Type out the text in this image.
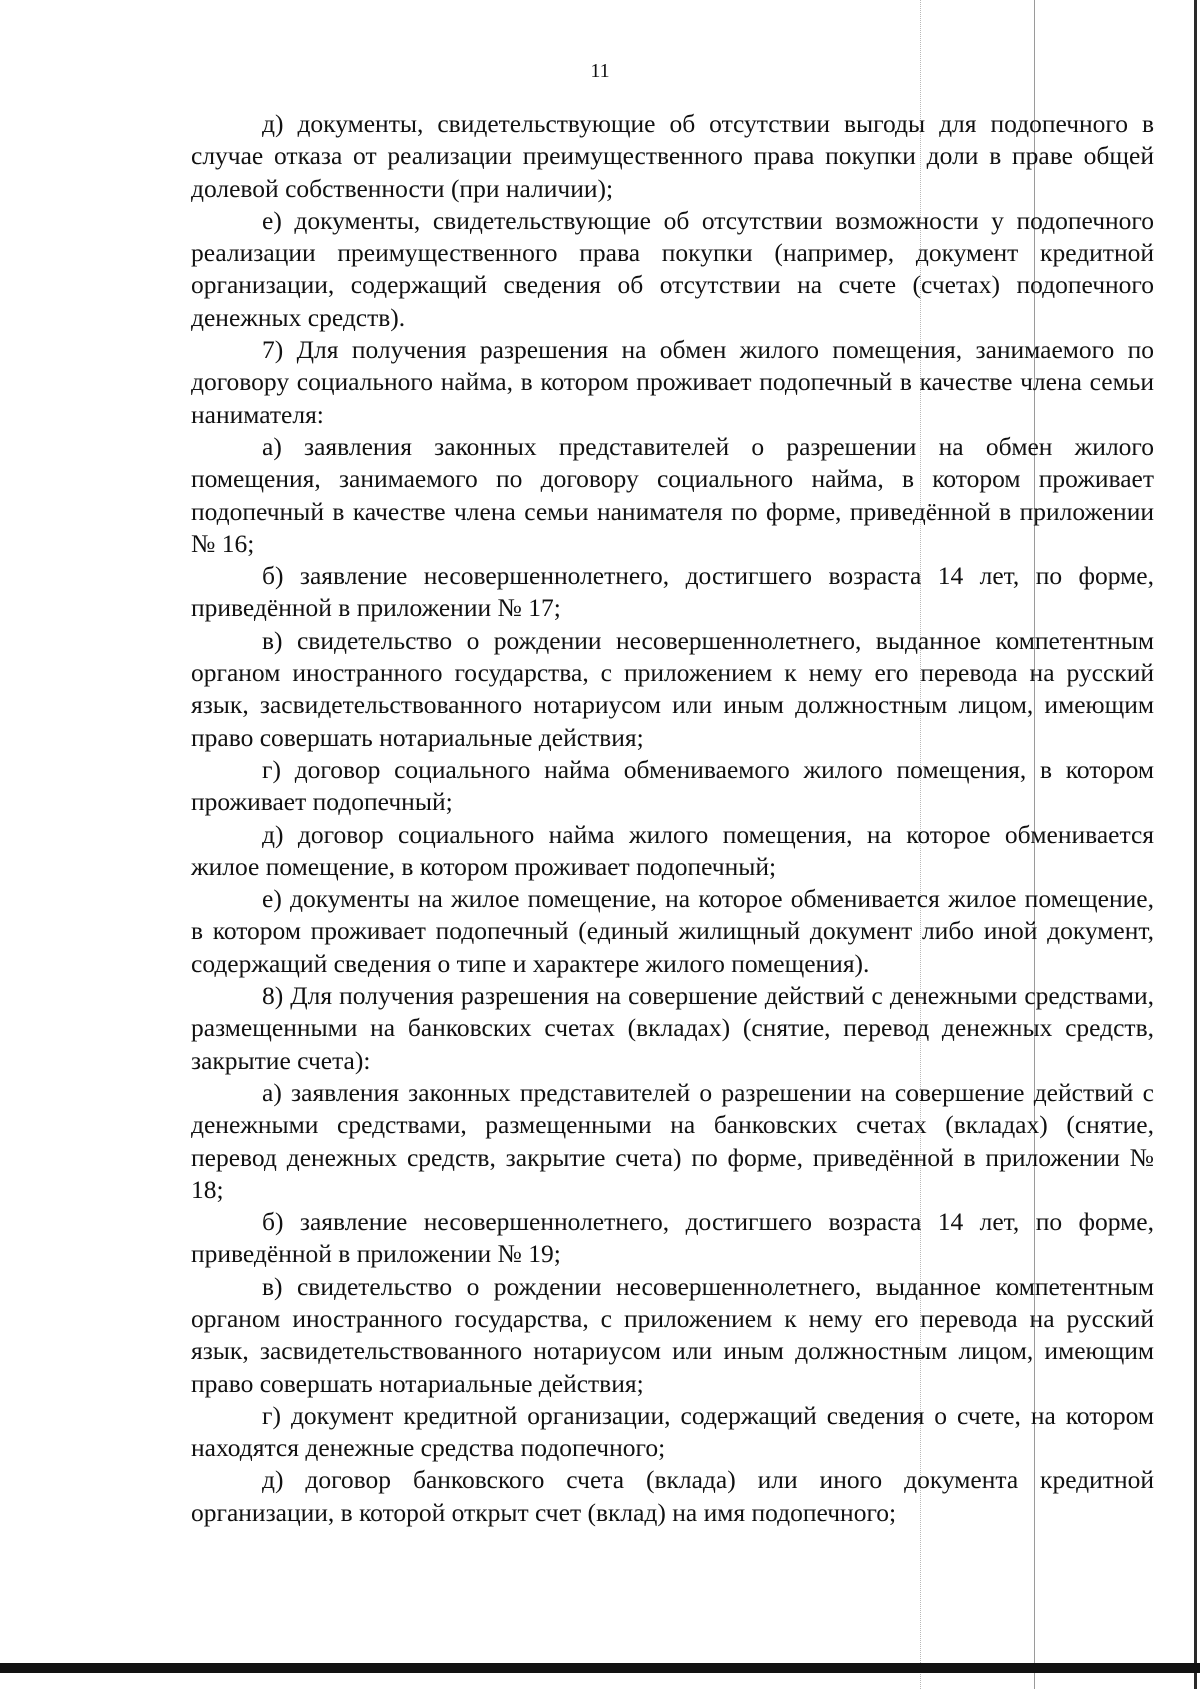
11

д) документы, свидетельствующие об отсутствии выгоды для подопечного в случае отказа от реализации преимущественного права покупки доли в праве общей долевой собственности (при наличии);

е) документы, свидетельствующие об отсутствии возможности у подопечного реализации преимущественного права покупки (например, документ кредитной организации, содержащий сведения об отсутствии на счете (счетах) подопечного денежных средств).

7) Для получения разрешения на обмен жилого помещения, занимаемого по договору социального найма, в котором проживает подопечный в качестве члена семьи нанимателя:

а) заявления законных представителей о разрешении на обмен жилого помещения, занимаемого по договору социального найма, в котором проживает подопечный в качестве члена семьи нанимателя по форме, приведённой в приложении № 16;

б) заявление несовершеннолетнего, достигшего возраста 14 лет, по форме, приведённой в приложении № 17;

в) свидетельство о рождении несовершеннолетнего, выданное компетентным органом иностранного государства, с приложением к нему его перевода на русский язык, засвидетельствованного нотариусом или иным должностным лицом, имеющим право совершать нотариальные действия;

г) договор социального найма обмениваемого жилого помещения, в котором проживает подопечный;

д) договор социального найма жилого помещения, на которое обменивается жилое помещение, в котором проживает подопечный;

е) документы на жилое помещение, на которое обменивается жилое помещение, в котором проживает подопечный (единый жилищный документ либо иной документ, содержащий сведения о типе и характере жилого помещения).

8) Для получения разрешения на совершение действий с денежными средствами, размещенными на банковских счетах (вкладах) (снятие, перевод денежных средств, закрытие счета):

а) заявления законных представителей о разрешении на совершение действий с денежными средствами, размещенными на банковских счетах (вкладах) (снятие, перевод денежных средств, закрытие счета) по форме, приведённой в приложении № 18;

б) заявление несовершеннолетнего, достигшего возраста 14 лет, по форме, приведённой в приложении № 19;

в) свидетельство о рождении несовершеннолетнего, выданное компетентным органом иностранного государства, с приложением к нему его перевода на русский язык, засвидетельствованного нотариусом или иным должностным лицом, имеющим право совершать нотариальные действия;

г) документ кредитной организации, содержащий сведения о счете, на котором находятся денежные средства подопечного;

д) договор банковского счета (вклада) или иного документа кредитной организации, в которой открыт счет (вклад) на имя подопечного;
